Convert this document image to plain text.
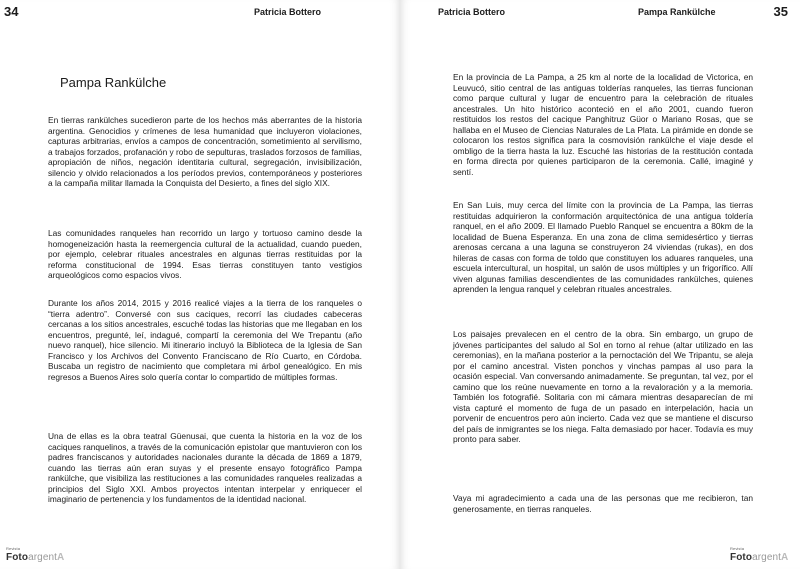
34	Patricia Bottero
Pampa Rankülche

En tierras rankülches sucedieron parte de los hechos más aberrantes de la historia argentina. Genocidios y crímenes de lesa humanidad que incluyeron violaciones, capturas arbitrarias, envíos a campos de concentración, sometimiento al servilismo, a trabajos forzados, profanación y robo de sepulturas, traslados forzosos de familias, apropiación de niños, negación identitaria cultural, segregación, invisibilización, silencio y olvido relacionados a los períodos previos, contemporáneos y posteriores a la campaña militar llamada la Conquista del Desierto, a fines del siglo XIX.

Las comunidades ranqueles han recorrido un largo y tortuoso camino desde la homogeneización hasta la reemergencia cultural de la actualidad, cuando pueden, por ejemplo, celebrar rituales ancestrales en algunas tierras restituidas por la reforma constitucional de 1994. Esas tierras constituyen tanto vestigios arqueológicos como espacios vivos.

Durante los años 2014, 2015 y 2016 realicé viajes a la tierra de los ranqueles o “tierra adentro”. Conversé con sus caciques, recorrí las ciudades cabeceras cercanas a los sitios ancestrales, escuché todas las historias que me llegaban en los encuentros, pregunté, leí, indagué, compartí la ceremonia del We Trepantu (año nuevo ranquel), hice silencio. Mi itinerario incluyó la Biblioteca de la Iglesia de San Francisco y los Archivos del Convento Franciscano de Río Cuarto, en Córdoba. Buscaba un registro de nacimiento que completara mi árbol genealógico. En mis regresos a Buenos Aires solo quería contar lo compartido de múltiples formas.

Una de ellas es la obra teatral Güenusai, que cuenta la historia en la voz de los caciques ranquelinos, a través de la comunicación epistolar que mantuvieron con los padres franciscanos y autoridades nacionales durante la década de 1869 a 1879, cuando las tierras aún eran suyas y el presente ensayo fotográfico Pampa rankülche, que visibiliza las restituciones a las comunidades ranqueles realizadas a principios del Siglo XXI. Ambos proyectos intentan interpelar y enriquecer el imaginario de pertenencia y los fundamentos de la identidad nacional.

Revista
FotoargentA
Patricia Bottero	Pampa Rankülche	35

En la provincia de La Pampa, a 25 km al norte de la localidad de Victorica, en Leuvucó, sitio central de las antiguas tolderías ranqueles, las tierras funcionan como parque cultural y lugar de encuentro para la celebración de rituales ancestrales. Un hito histórico aconteció en el año 2001, cuando fueron restituidos los restos del cacique Panghitruz Güor o Mariano Rosas, que se hallaba en el Museo de Ciencias Naturales de La Plata. La pirámide en donde se colocaron los restos significa para la cosmovisión rankülche el viaje desde el ombligo de la tierra hasta la luz. Escuché las historias de la restitución contada en forma directa por quienes participaron de la ceremonia. Callé, imaginé y sentí.

En San Luis, muy cerca del límite con la provincia de La Pampa, las tierras restituidas adquirieron la conformación arquitectónica de una antigua toldería ranquel, en el año 2009. El llamado Pueblo Ranquel se encuentra a 80km de la localidad de Buena Esperanza. En una zona de clima semidesértico y tierras arenosas cercana a una laguna se construyeron 24 viviendas (rukas), en dos hileras de casas con forma de toldo que constituyen los aduares ranqueles, una escuela intercultural, un hospital, un salón de usos múltiples y un frigorífico. Allí viven algunas familias descendientes de las comunidades rankülches, quienes aprenden la lengua ranquel y celebran rituales ancestrales.

Los paisajes prevalecen en el centro de la obra. Sin embargo, un grupo de jóvenes participantes del saludo al Sol en torno al rehue (altar utilizado en las ceremonias), en la mañana posterior a la pernoctación del We Tripantu, se aleja por el camino ancestral. Visten ponchos y vinchas pampas al uso para la ocasión especial. Van conversando animadamente. Se preguntan, tal vez, por el camino que los reúne nuevamente en torno a la revaloración y a la memoria. También los fotografié. Solitaria con mi cámara mientras desaparecían de mi vista capturé el momento de fuga de un pasado en interpelación, hacia un porvenir de encuentros pero aún incierto. Cada vez que se mantiene el discurso del país de inmigrantes se los niega. Falta demasiado por hacer. Todavía es muy pronto para saber.

Vaya mi agradecimiento a cada una de las personas que me recibieron, tan generosamente, en tierras ranqueles.

Revista
FotoargentA
